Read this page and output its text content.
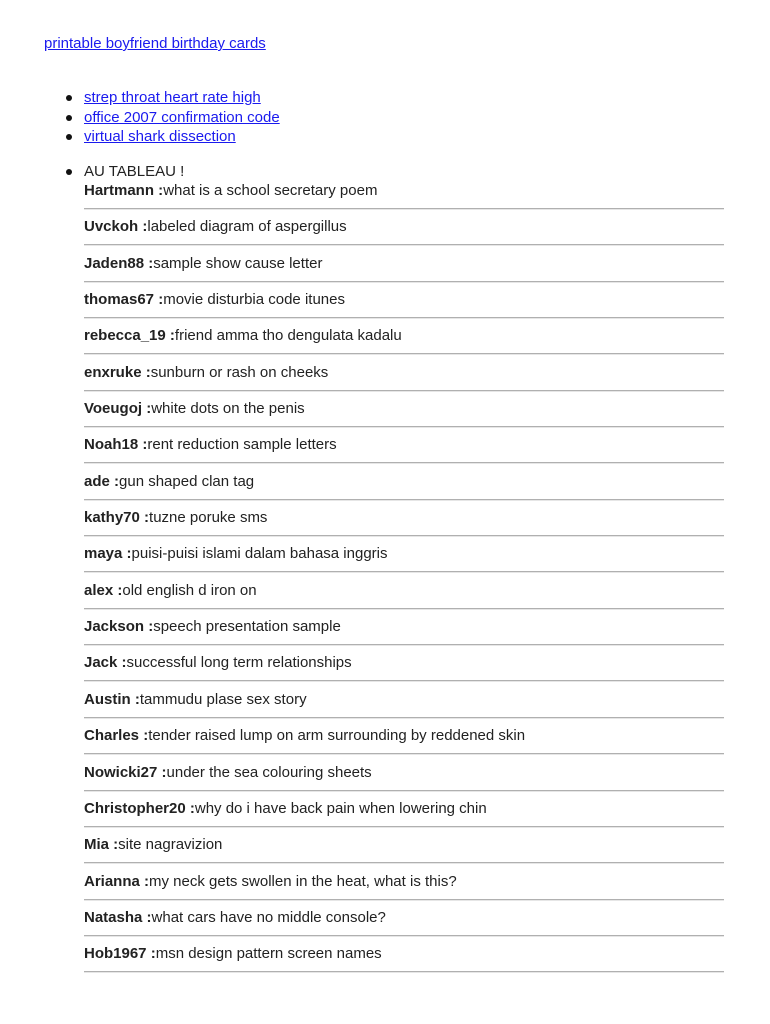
printable boyfriend birthday cards
strep throat heart rate high
office 2007 confirmation code
virtual shark dissection
AU TABLEAU !
Hartmann :what is a school secretary poem
Uvckoh :labeled diagram of aspergillus
Jaden88 :sample show cause letter
thomas67 :movie disturbia code itunes
rebecca_19 :friend amma tho dengulata kadalu
enxruke :sunburn or rash on cheeks
Voeugoj :white dots on the penis
Noah18 :rent reduction sample letters
ade :gun shaped clan tag
kathy70 :tuzne poruke sms
maya :puisi-puisi islami dalam bahasa inggris
alex :old english d iron on
Jackson :speech presentation sample
Jack :successful long term relationships
Austin :tammudu plase sex story
Charles :tender raised lump on arm surrounding by reddened skin
Nowicki27 :under the sea colouring sheets
Christopher20 :why do i have back pain when lowering chin
Mia :site nagravizion
Arianna :my neck gets swollen in the heat, what is this?
Natasha :what cars have no middle console?
Hob1967 :msn design pattern screen names
